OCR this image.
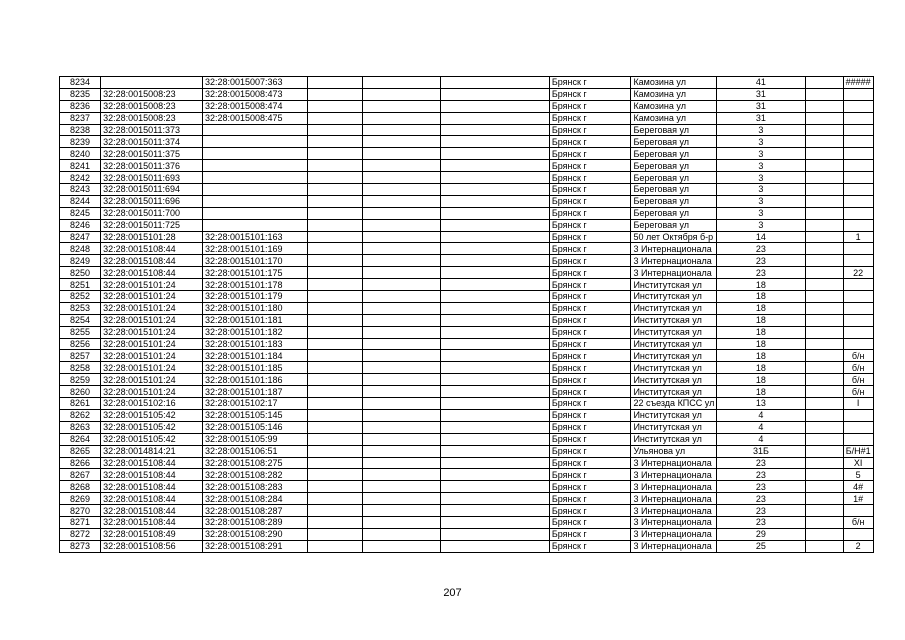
8234		32:28:0015007:363				Брянск г	Камозина ул	41		#####
8235	32:28:0015008:23	32:28:0015008:473				Брянск г	Камозина ул	31		
8236	32:28:0015008:23	32:28:0015008:474				Брянск г	Камозина ул	31		
8237	32:28:0015008:23	32:28:0015008:475				Брянск г	Камозина ул	31		
8238	32:28:0015011:373					Брянск г	Береговая ул	3		
8239	32:28:0015011:374					Брянск г	Береговая ул	3		
8240	32:28:0015011:375					Брянск г	Береговая ул	3		
8241	32:28:0015011:376					Брянск г	Береговая ул	3		
8242	32:28:0015011:693					Брянск г	Береговая ул	3		
8243	32:28:0015011:694					Брянск г	Береговая ул	3		
8244	32:28:0015011:696					Брянск г	Береговая ул	3		
8245	32:28:0015011:700					Брянск г	Береговая ул	3		
8246	32:28:0015011:725					Брянск г	Береговая ул	3		
8247	32:28:0015101:28	32:28:0015101:163				Брянск г	50 лет Октября б-р	14		1
8248	32:28:0015108:44	32:28:0015101:169				Брянск г	3 Интернационала	23		
8249	32:28:0015108:44	32:28:0015101:170				Брянск г	3 Интернационала	23		
8250	32:28:0015108:44	32:28:0015101:175				Брянск г	3 Интернационала	23		22
8251	32:28:0015101:24	32:28:0015101:178				Брянск г	Институтская ул	18		
8252	32:28:0015101:24	32:28:0015101:179				Брянск г	Институтская ул	18		
8253	32:28:0015101:24	32:28:0015101:180				Брянск г	Институтская ул	18		
8254	32:28:0015101:24	32:28:0015101:181				Брянск г	Институтская ул	18		
8255	32:28:0015101:24	32:28:0015101:182				Брянск г	Институтская ул	18		
8256	32:28:0015101:24	32:28:0015101:183				Брянск г	Институтская ул	18		
8257	32:28:0015101:24	32:28:0015101:184				Брянск г	Институтская ул	18		б/н
8258	32:28:0015101:24	32:28:0015101:185				Брянск г	Институтская ул	18		б/н
8259	32:28:0015101:24	32:28:0015101:186				Брянск г	Институтская ул	18		б/н
8260	32:28:0015101:24	32:28:0015101:187				Брянск г	Институтская ул	18		б/н
8261	32:28:0015102:16	32:28:0015102:17				Брянск г	22 съезда КПСС ул	13		I
8262	32:28:0015105:42	32:28:0015105:145				Брянск г	Институтская ул	4		
8263	32:28:0015105:42	32:28:0015105:146				Брянск г	Институтская ул	4		
8264	32:28:0015105:42	32:28:0015105:99				Брянск г	Институтская ул	4		
8265	32:28:0014814:21	32:28:0015106:51				Брянск г	Ульянова ул	31Б		Б/Н#1
8266	32:28:0015108:44	32:28:0015108:275				Брянск г	3 Интернационала	23		XI
8267	32:28:0015108:44	32:28:0015108:282				Брянск г	3 Интернационала	23		5
8268	32:28:0015108:44	32:28:0015108:283				Брянск г	3 Интернационала	23		4#
8269	32:28:0015108:44	32:28:0015108:284				Брянск г	3 Интернационала	23		1#
8270	32:28:0015108:44	32:28:0015108:287				Брянск г	3 Интернационала	23		
8271	32:28:0015108:44	32:28:0015108:289				Брянск г	3 Интернационала	23		б/н
8272	32:28:0015108:49	32:28:0015108:290				Брянск г	3 Интернационала	29		
8273	32:28:0015108:56	32:28:0015108:291				Брянск г	3 Интернационала	25		2
207
